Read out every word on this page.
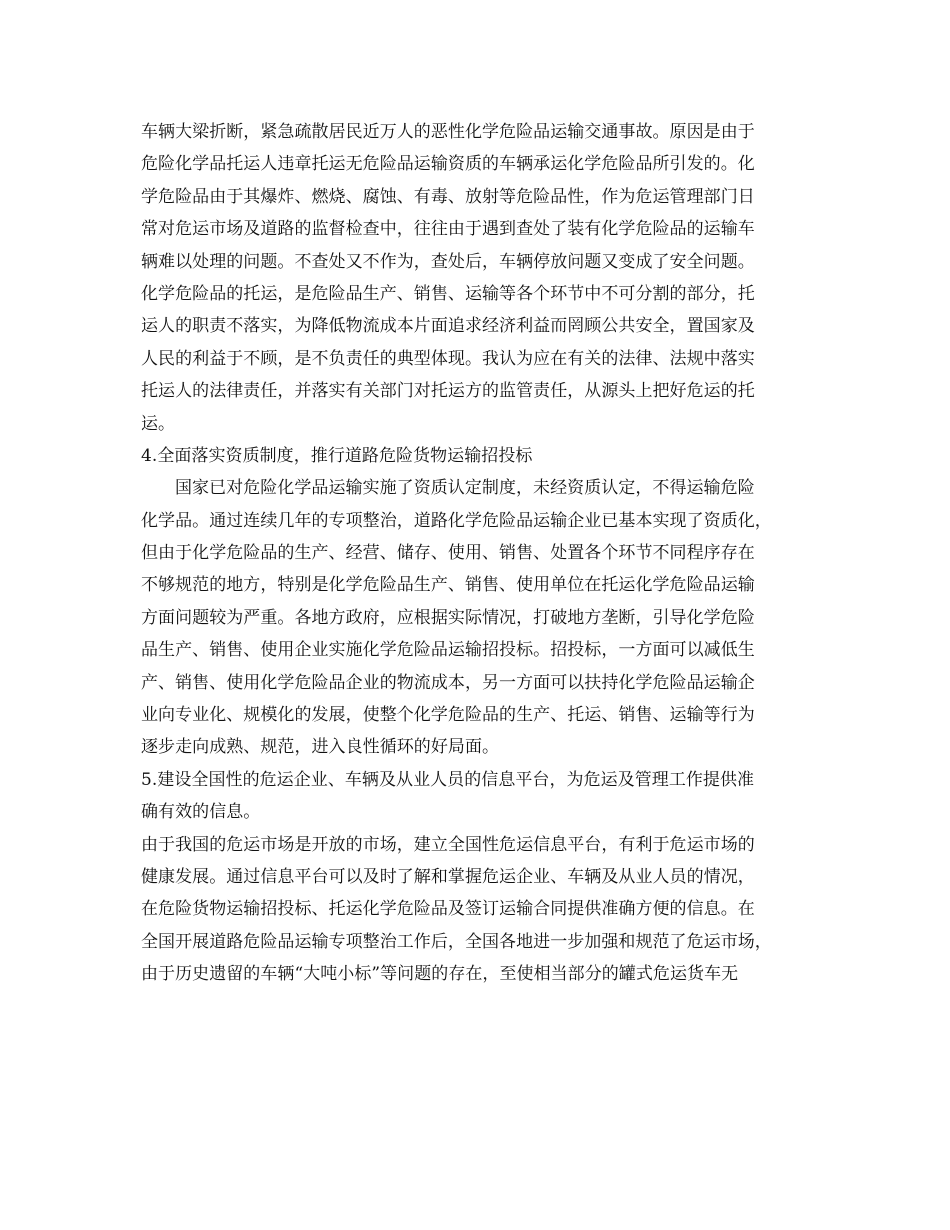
车辆大梁折断，紧急疏散居民近万人的恶性化学危险品运输交通事故。原因是由于
危险化学品托运人违章托运无危险品运输资质的车辆承运化学危险品所引发的。化
学危险品由于其爆炸、燃烧、腐蚀、有毒、放射等危险品性，作为危运管理部门日
常对危运市场及道路的监督检查中，往往由于遇到查处了装有化学危险品的运输车
辆难以处理的问题。不查处又不作为，查处后，车辆停放问题又变成了安全问题。
化学危险品的托运，是危险品生产、销售、运输等各个环节中不可分割的部分，托
运人的职责不落实，为降低物流成本片面追求经济利益而罔顾公共安全，置国家及
人民的利益于不顾，是不负责任的典型体现。我认为应在有关的法律、法规中落实
托运人的法律责任，并落实有关部门对托运方的监管责任，从源头上把好危运的托
运。
4.全面落实资质制度，推行道路危险货物运输招投标
国家已对危险化学品运输实施了资质认定制度，未经资质认定，不得运输危险
化学品。通过连续几年的专项整治，道路化学危险品运输企业已基本实现了资质化，
但由于化学危险品的生产、经营、储存、使用、销售、处置各个环节不同程序存在
不够规范的地方，特别是化学危险品生产、销售、使用单位在托运化学危险品运输
方面问题较为严重。各地方政府，应根据实际情况，打破地方垄断，引导化学危险
品生产、销售、使用企业实施化学危险品运输招投标。招投标，一方面可以减低生
产、销售、使用化学危险品企业的物流成本，另一方面可以扶持化学危险品运输企
业向专业化、规模化的发展，使整个化学危险品的生产、托运、销售、运输等行为
逐步走向成熟、规范，进入良性循环的好局面。
5.建设全国性的危运企业、车辆及从业人员的信息平台，为危运及管理工作提供准
确有效的信息。
由于我国的危运市场是开放的市场，建立全国性危运信息平台，有利于危运市场的
健康发展。通过信息平台可以及时了解和掌握危运企业、车辆及从业人员的情况，
在危险货物运输招投标、托运化学危险品及签订运输合同提供准确方便的信息。在
全国开展道路危险品运输专项整治工作后，全国各地进一步加强和规范了危运市场，
由于历史遗留的车辆“大吨小标”等问题的存在，至使相当部分的罐式危运货车无
